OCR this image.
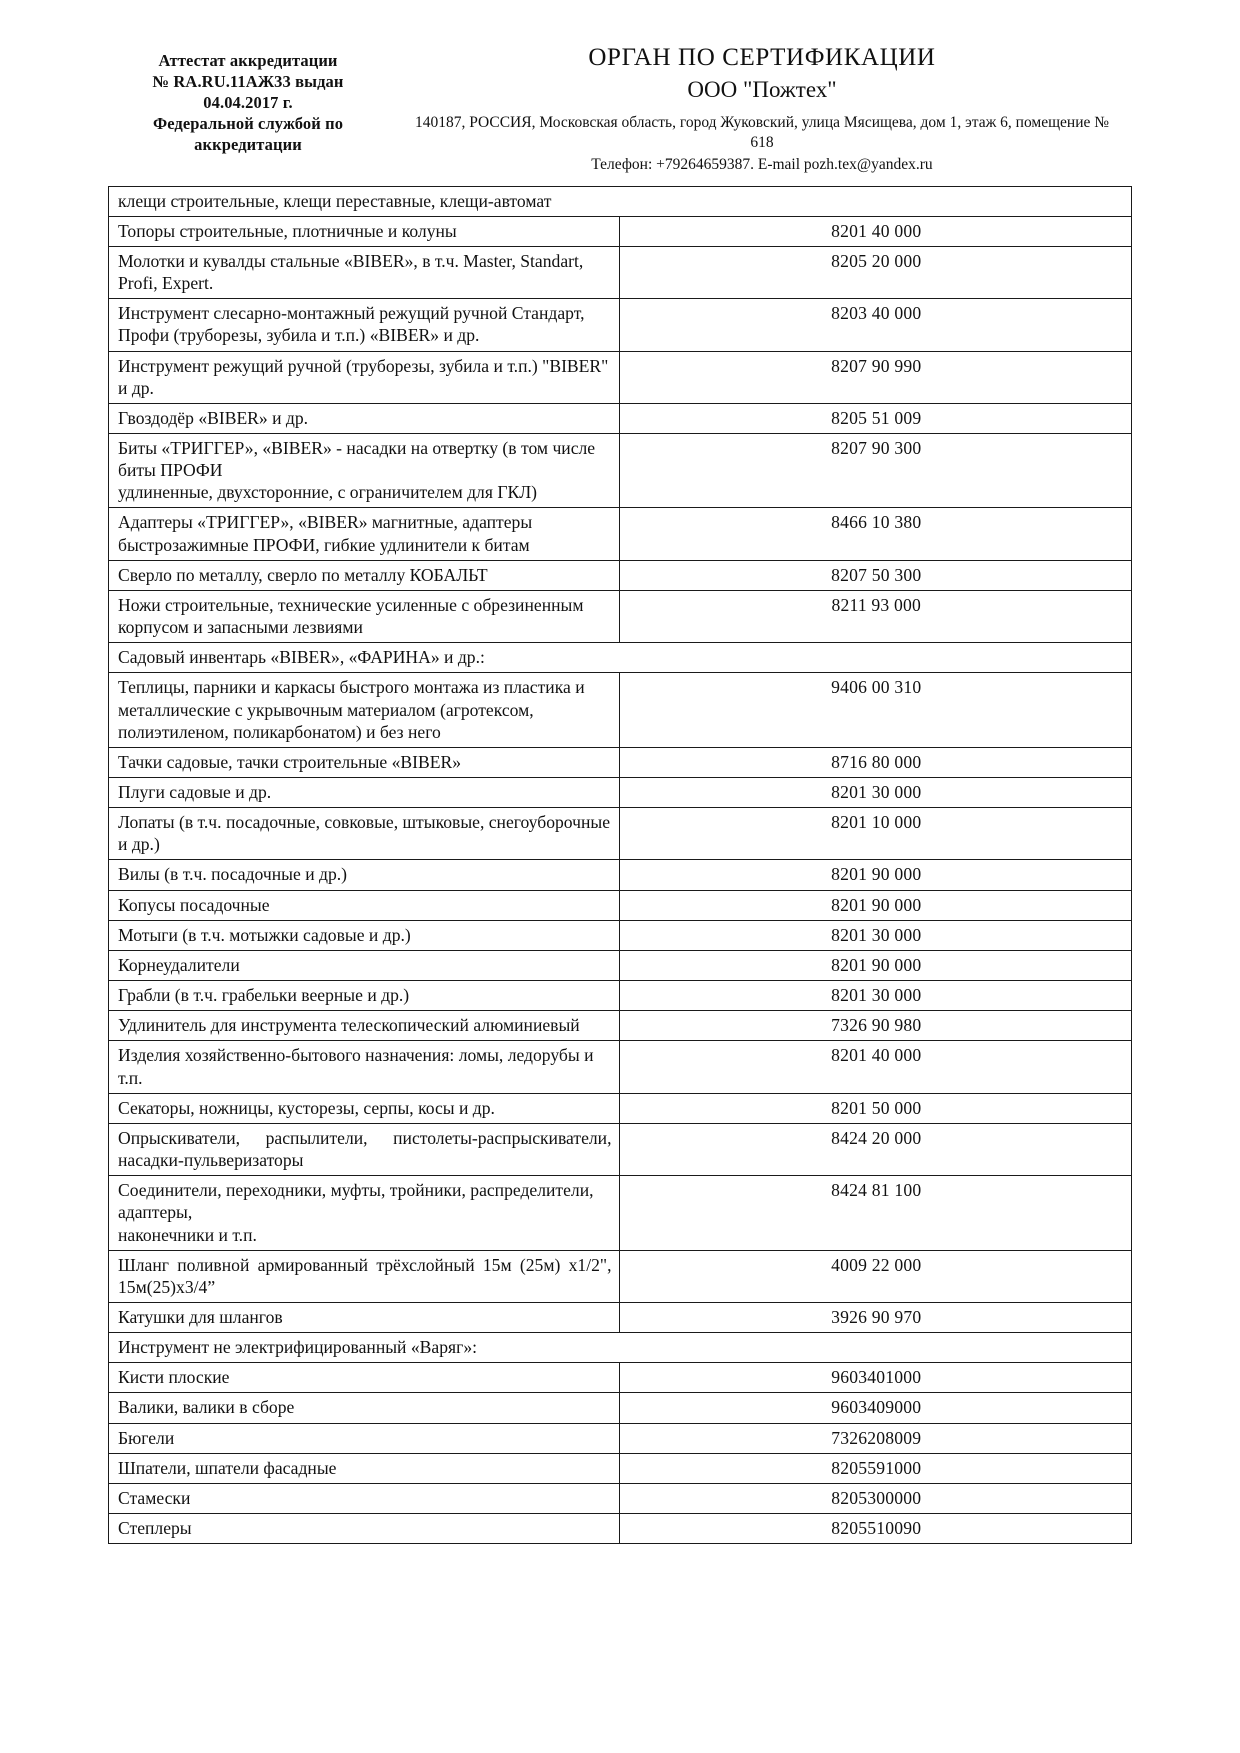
Аттестат аккредитации
№ RA.RU.11АЖ33 выдан
04.04.2017 г.
Федеральной службой по
аккредитации
ОРГАН ПО СЕРТИФИКАЦИИ
ООО "Пожтех"
140187, РОССИЯ, Московская область, город Жуковский, улица Мясищева, дом 1, этаж 6, помещение № 618
Телефон: +79264659387. E-mail pozh.tex@yandex.ru
клещи строительные, клещи переставные, клещи-автомат	
Топоры строительные, плотничные и колуны	8201 40 000
Молотки и кувалды стальные «BIBER», в т.ч. Master, Standart, Profi, Expert.	8205 20 000
Инструмент слесарно-монтажный режущий ручной Стандарт, Профи (труборезы, зубила и т.п.) «BIBER» и др.	8203 40 000
Инструмент режущий ручной (труборезы, зубила и т.п.) "BIBER" и др.	8207 90 990
Гвоздодёр «BIBER» и др.	8205 51 009

Биты «ТРИГГЕР», «BIBER» - насадки на отвертку (в том числе биты ПРОФИ
удлиненные, двухсторонние, с ограничителем для ГКЛ)	8207 90 300
Адаптеры «ТРИГГЕР», «BIBER» магнитные, адаптеры быстрозажимные ПРОФИ, гибкие удлинители к битам	8466 10 380
Сверло по металлу, сверло по металлу КОБАЛЬТ	8207 50 300
Ножи строительные, технические усиленные с обрезиненным корпусом и запасными лезвиями	8211 93 000
Садовый инвентарь «BIBER», «ФАРИНА» и др.:	
Теплицы, парники и каркасы быстрого монтажа из пластика и металлические с укрывочным материалом (агротексом, полиэтиленом, поликарбонатом) и без него	9406 00 310
Тачки садовые, тачки строительные «BIBER»	8716 80 000
Плуги садовые и др.	8201 30 000
Лопаты (в т.ч. посадочные, совковые, штыковые, снегоуборочные и др.)	8201 10 000
Вилы (в т.ч. посадочные и др.)	8201 90 000
Копусы посадочные	8201 90 000
Мотыги (в т.ч. мотыжки садовые и др.)	8201 30 000
Корнеудалители	8201 90 000
Грабли (в т.ч. грабельки веерные и др.)	8201 30 000
Удлинитель для инструмента телескопический алюминиевый	7326 90 980
Изделия хозяйственно-бытового назначения: ломы, ледорубы и т.п.	8201 40 000
Секаторы, ножницы, кусторезы, серпы, косы и др.	8201 50 000
Опрыскиватели, распылители, пистолеты-распрыскиватели, насадки-пульверизаторы	8424 20 000

Соединители, переходники, муфты, тройники, распределители, адаптеры,
наконечники и т.п.	8424 81 100
Шланг поливной армированный трёхслойный 15м (25м) х1/2", 15м(25)х3/4”	4009 22 000
Катушки для шлангов	3926 90 970
Инструмент не электрифицированный «Варяг»:	
Кисти плоские	9603401000
Валики, валики в сборе	9603409000
Бюгели	7326208009
Шпатели, шпатели фасадные	8205591000
Стамески	8205300000
Степлеры	8205510090
